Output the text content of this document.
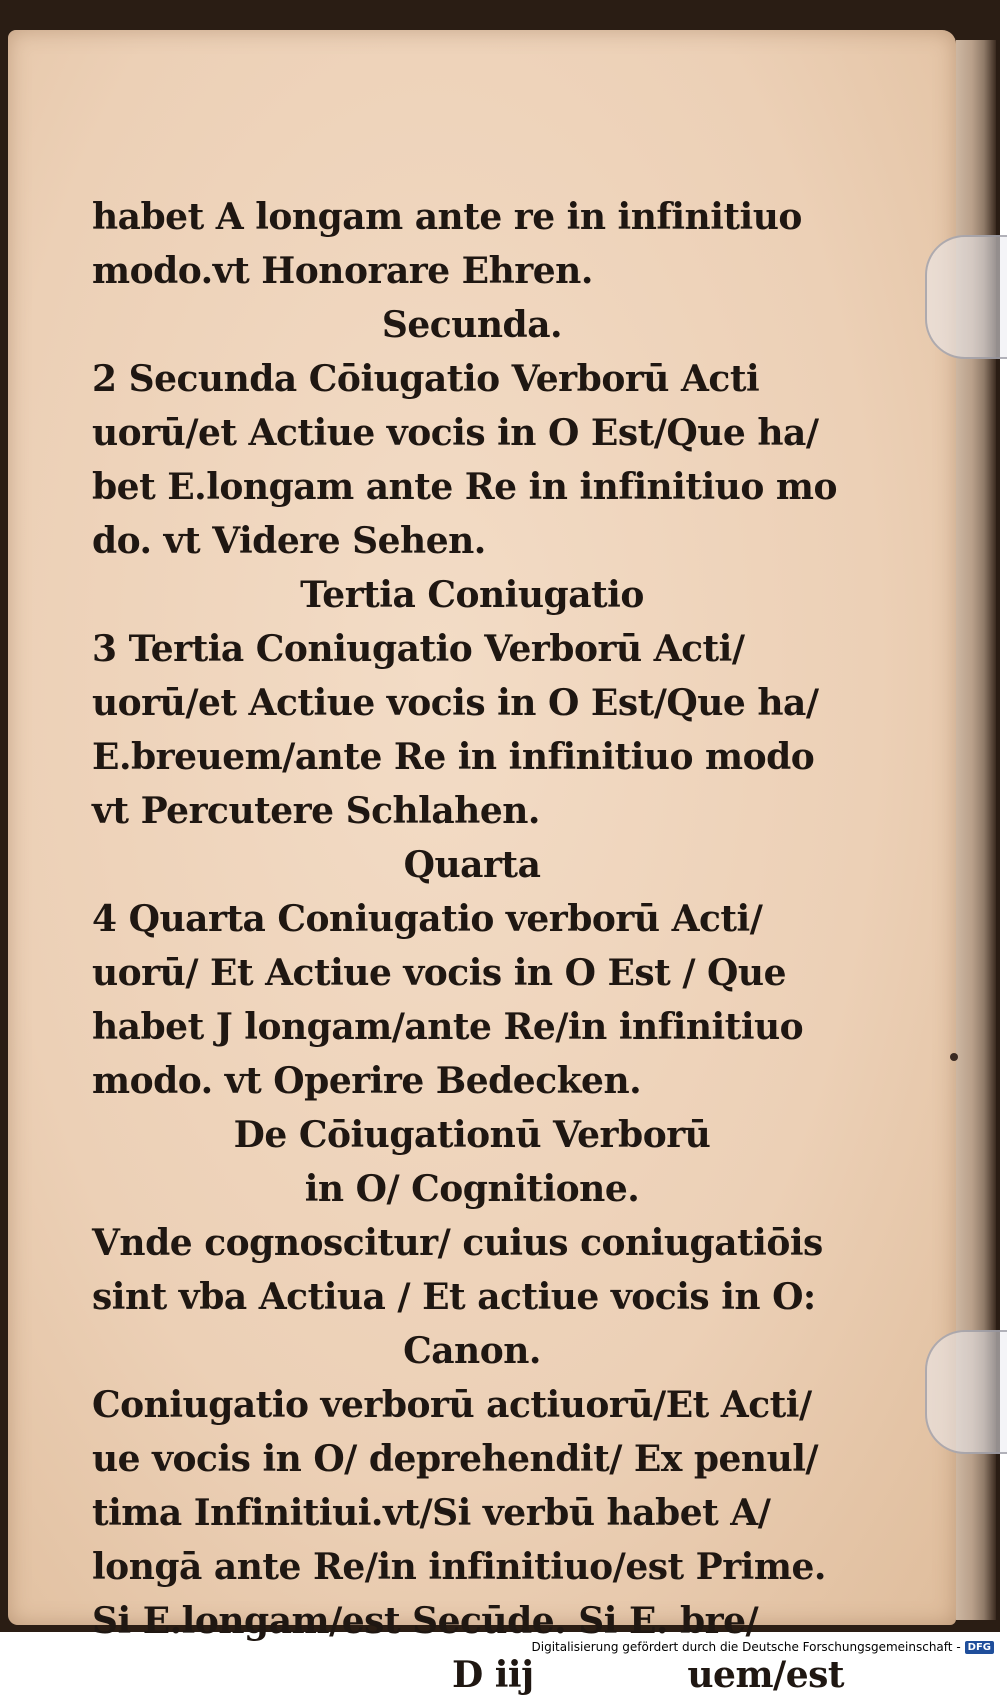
habet A longam ante re in infinitiuo
modo.vt Honorare Ehren.
Secunda.
2 Secunda Cōiugatio Verborū Acti
uorū/et Actiue vocis in O Est/Que ha/
bet E.longam ante Re in infinitiuo mo
do. vt Videre Sehen.
Tertia Coniugatio
3 Tertia Coniugatio Verborū Acti/
uorū/et Actiue vocis in O Est/Que ha/
E.breuem/ante Re in infinitiuo modo
vt Percutere Schlahen.
Quarta
4 Quarta Coniugatio verborū Acti/
uorū/ Et Actiue vocis in O Est / Que
habet J longam/ante Re/in infinitiuo
modo. vt Operire Bedecken.
De Cōiugationū Verborū
in O/ Cognitione.
Vnde cognoscitur/ cuius coniugatiōis
sint vba Actiua / Et actiue vocis in O:
Canon.
Coniugatio verborū actiuorū/Et Acti/
ue vocis in O/ deprehendit/ Ex penul/
tima Infinitiui.vt/Si verbū habet A/
longā ante Re/in infinitiuo/est Prime.
Si E.longam/est Secūde. Si E. bre/
D iij	uem/est
Digitalisierung gefördert durch die Deutsche Forschungsgemeinschaft - DFG
